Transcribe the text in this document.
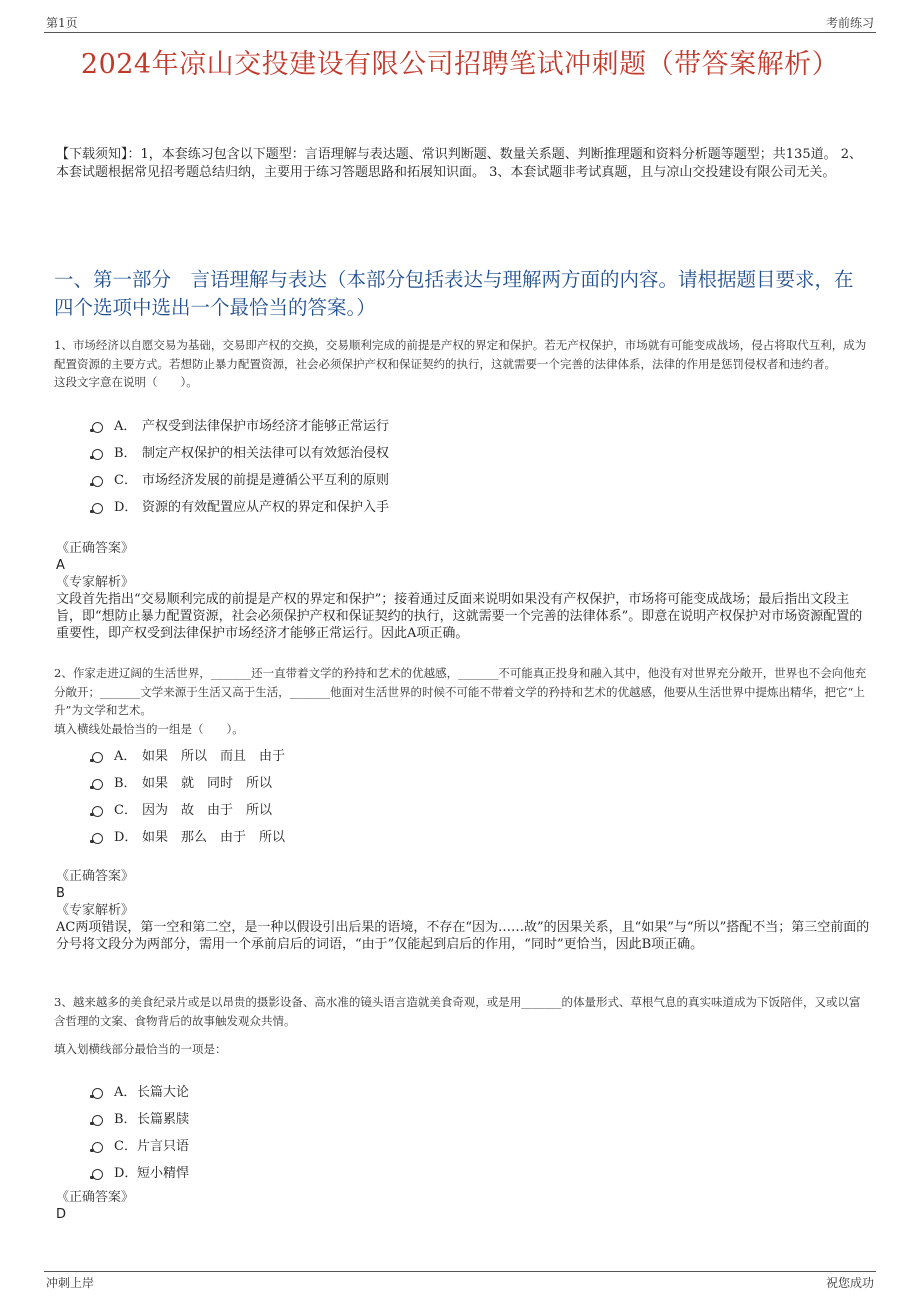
第1页	考前练习
2024年凉山交投建设有限公司招聘笔试冲刺题（带答案解析）
【下载须知】：1，本套练习包含以下题型：言语理解与表达题、常识判断题、数量关系题、判断推理题和资料分析题等题型；共135道。 2、本套试题根据常见招考题总结归纳，主要用于练习答题思路和拓展知识面。 3、本套试题非考试真题，且与凉山交投建设有限公司无关。
一、第一部分　言语理解与表达（本部分包括表达与理解两方面的内容。请根据题目要求，在四个选项中选出一个最恰当的答案。）
1、市场经济以自愿交易为基础，交易即产权的交换，交易顺利完成的前提是产权的界定和保护。若无产权保护，市场就有可能变成战场，侵占将取代互利，成为配置资源的主要方式。若想防止暴力配置资源，社会必须保护产权和保证契约的执行，这就需要一个完善的法律体系，法律的作用是惩罚侵权者和违约者。
这段文字意在说明（　　）。
A． 产权受到法律保护市场经济才能够正常运行
B． 制定产权保护的相关法律可以有效惩治侵权
C． 市场经济发展的前提是遵循公平互利的原则
D． 资源的有效配置应从产权的界定和保护入手
《正确答案》
A
《专家解析》
文段首先指出“交易顺利完成的前提是产权的界定和保护”；接着通过反面来说明如果没有产权保护，市场将可能变成战场；最后指出文段主旨，即“想防止暴力配置资源，社会必须保护产权和保证契约的执行，这就需要一个完善的法律体系”。即意在说明产权保护对市场资源配置的重要性，即产权受到法律保护市场经济才能够正常运行。因此A项正确。
2、作家走进辽阔的生活世界，_______还一直带着文学的矜持和艺术的优越感，_______不可能真正投身和融入其中，他没有对世界充分敞开，世界也不会向他充分敞开；_______文学来源于生活又高于生活，_______他面对生活世界的时候不可能不带着文学的矜持和艺术的优越感，他要从生活世界中提炼出精华，把它“上升”为文学和艺术。
填入横线处最恰当的一组是（　　）。
A． 如果　所以　而且　由于
B． 如果　就　同时　所以
C． 因为　故　由于　所以
D． 如果　那么　由于　所以
《正确答案》
B
《专家解析》
AC两项错误，第一空和第二空，是一种以假设引出后果的语境，不存在“因为……故”的因果关系，且“如果”与“所以”搭配不当；第三空前面的分号将文段分为两部分，需用一个承前启后的词语，“由于”仅能起到启后的作用，“同时”更恰当，因此B项正确。
3、越来越多的美食纪录片或是以昂贵的摄影设备、高水准的镜头语言造就美食奇观，或是用_______的体量形式、草根气息的真实味道成为下饭陪伴，又或以富含哲理的文案、食物背后的故事触发观众共情。
填入划横线部分最恰当的一项是：
A． 长篇大论
B． 长篇累牍
C． 片言只语
D． 短小精悍
《正确答案》
D
冲刺上岸	祝您成功
